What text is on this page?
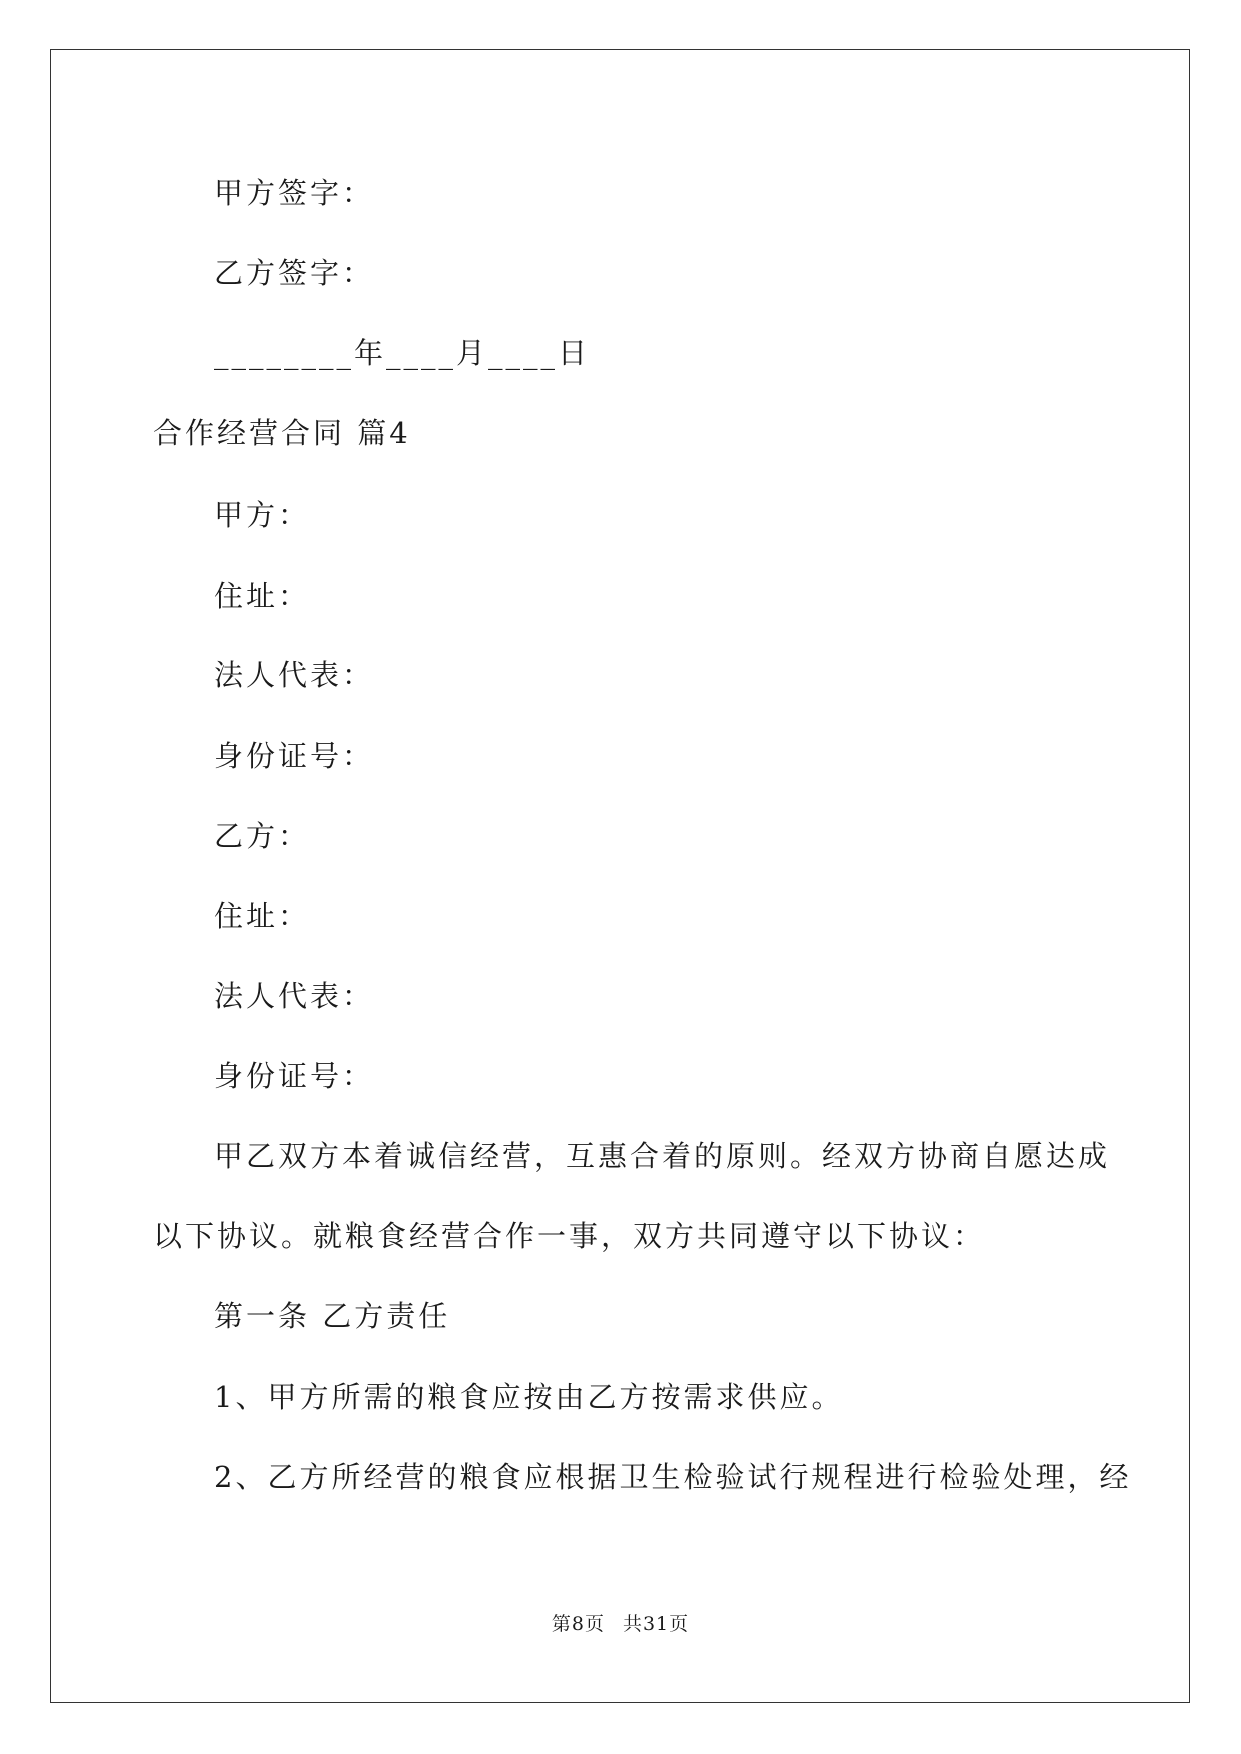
甲方签字：
乙方签字：
________年____月____日
合作经营合同 篇4
甲方：
住址：
法人代表：
身份证号：
乙方：
住址：
法人代表：
身份证号：
甲乙双方本着诚信经营，互惠合着的原则。经双方协商自愿达成
以下协议。就粮食经营合作一事，双方共同遵守以下协议：
第一条 乙方责任
1、甲方所需的粮食应按由乙方按需求供应。
2、乙方所经营的粮食应根据卫生检验试行规程进行检验处理，经
第8页 共31页
